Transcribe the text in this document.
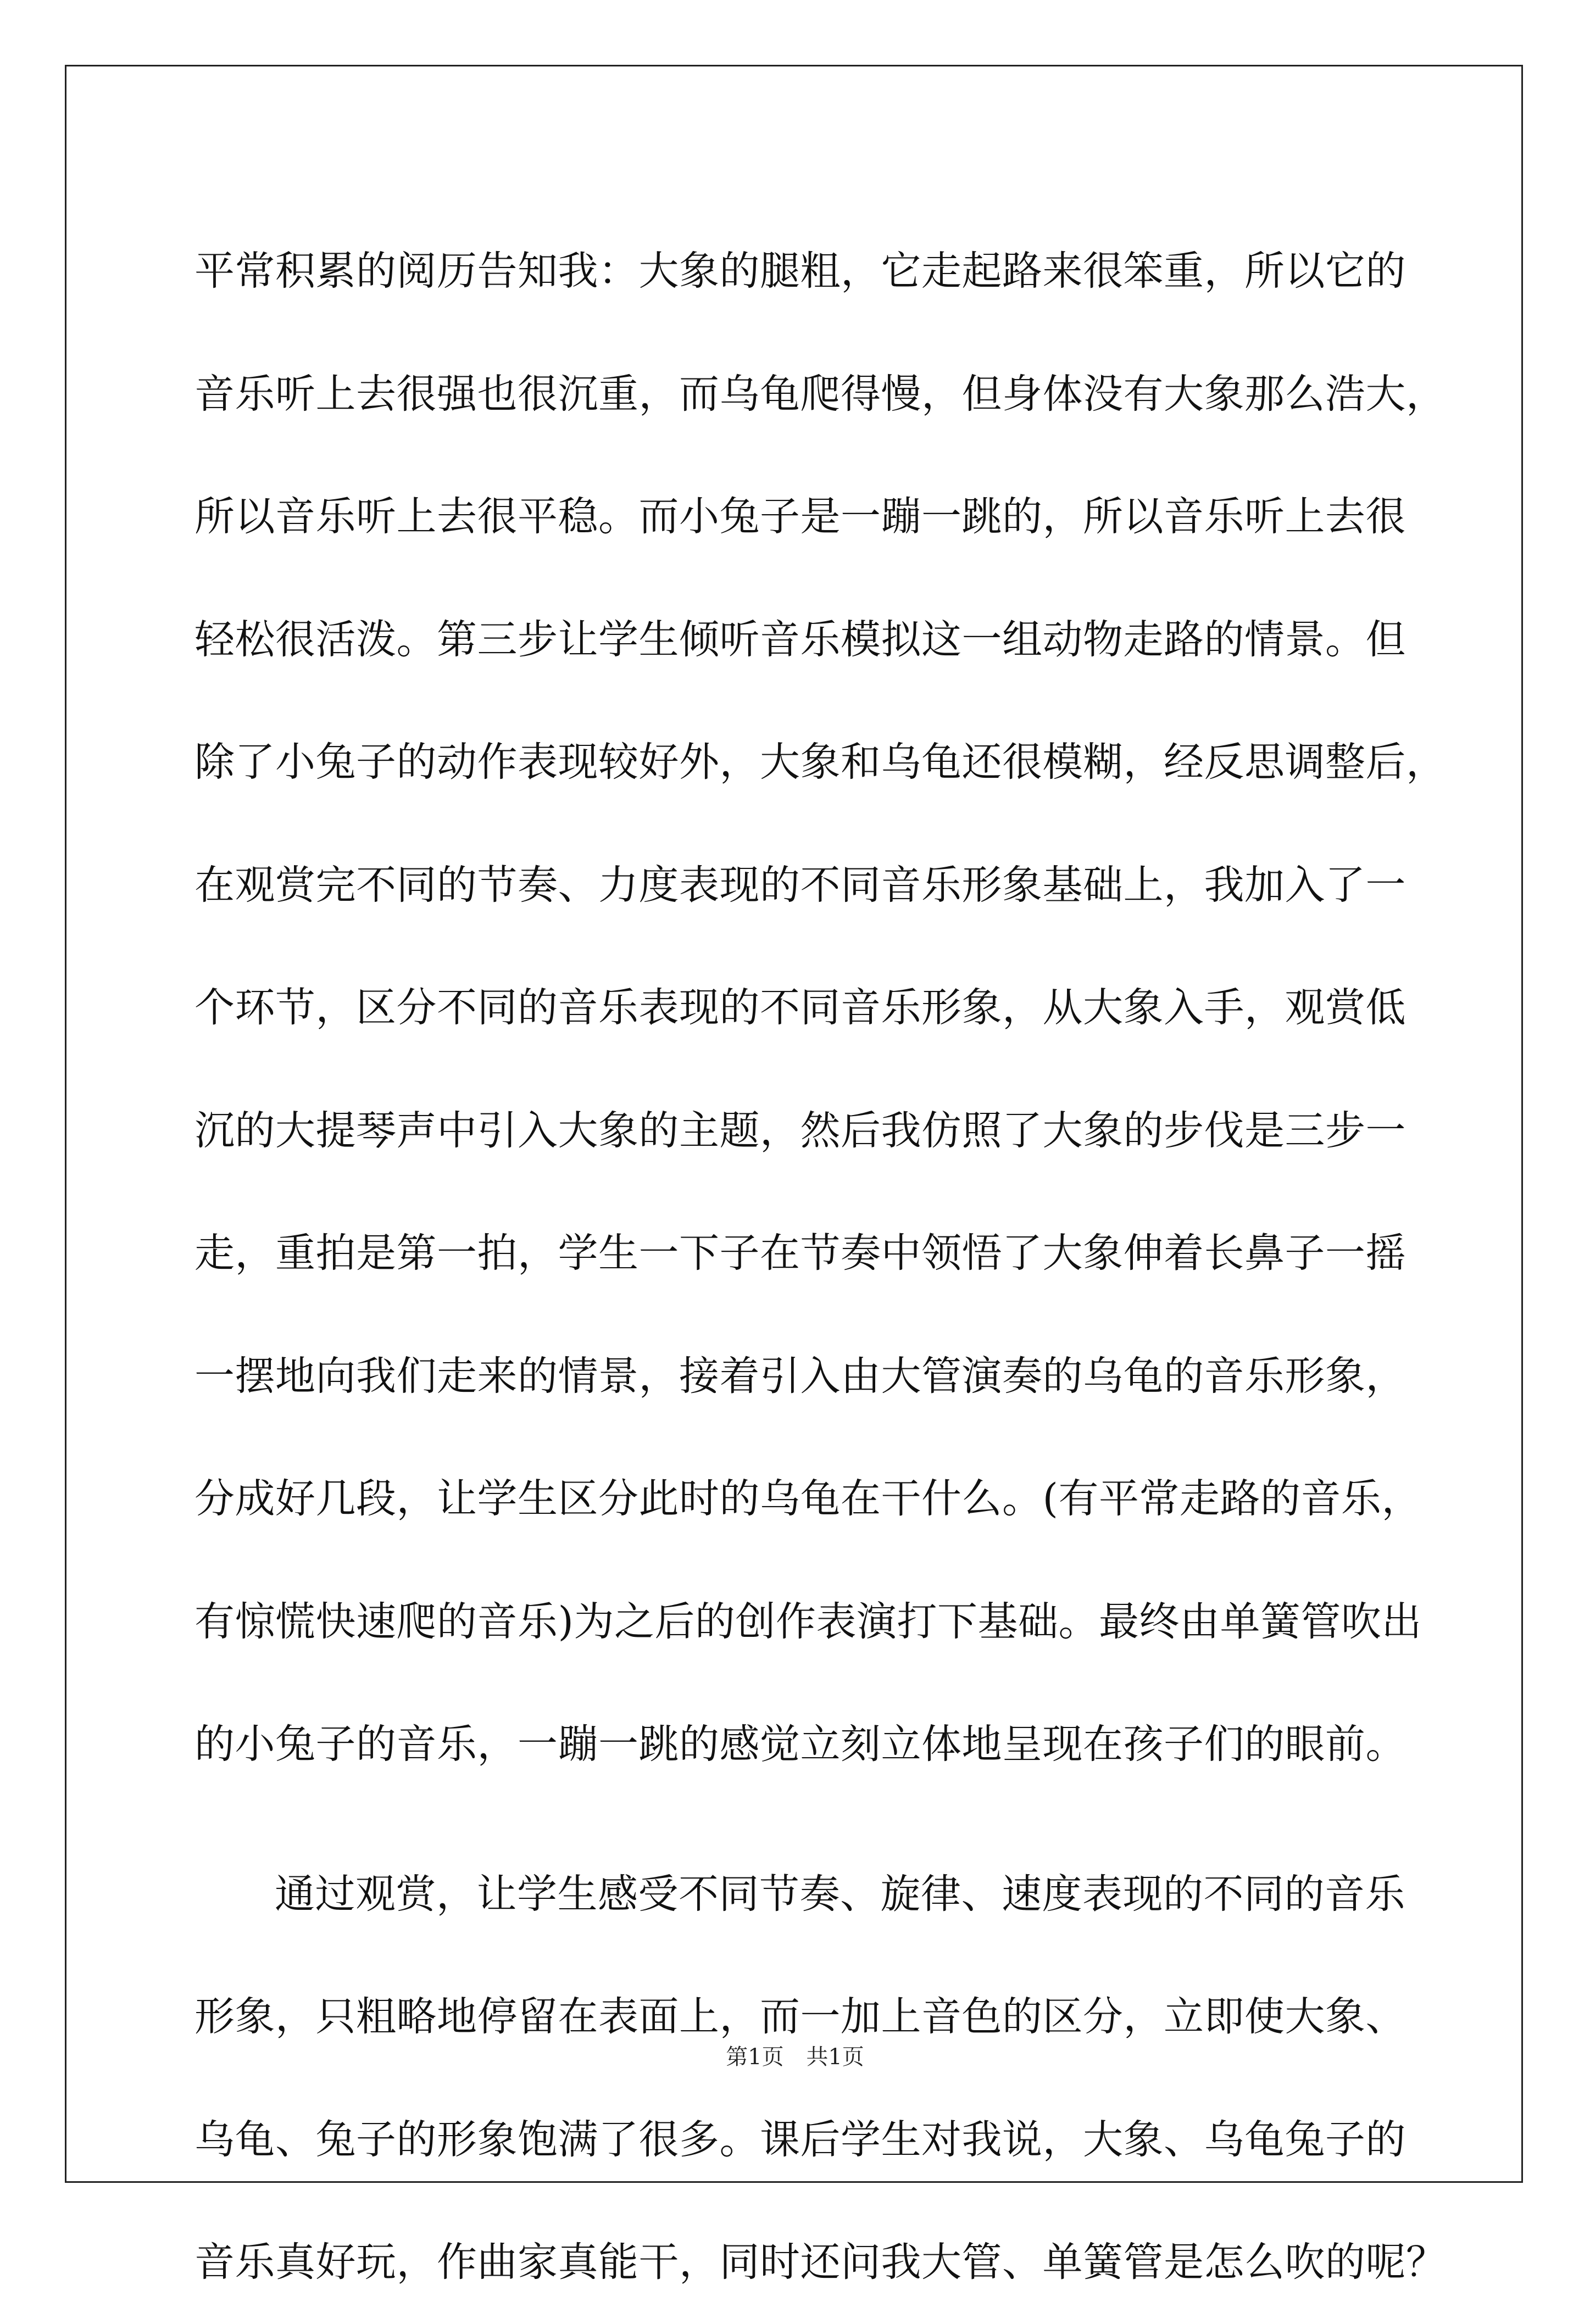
平常积累的阅历告知我：大象的腿粗，它走起路来很笨重，所以它的
音乐听上去很强也很沉重，而乌龟爬得慢，但身体没有大象那么浩大，
所以音乐听上去很平稳。而小兔子是一蹦一跳的，所以音乐听上去很
轻松很活泼。第三步让学生倾听音乐模拟这一组动物走路的情景。但
除了小兔子的动作表现较好外，大象和乌龟还很模糊，经反思调整后，
在观赏完不同的节奏、力度表现的不同音乐形象基础上，我加入了一
个环节，区分不同的音乐表现的不同音乐形象，从大象入手，观赏低
沉的大提琴声中引入大象的主题，然后我仿照了大象的步伐是三步一
走，重拍是第一拍，学生一下子在节奏中领悟了大象伸着长鼻子一摇
一摆地向我们走来的情景，接着引入由大管演奏的乌龟的音乐形象，
分成好几段，让学生区分此时的乌龟在干什么。(有平常走路的音乐，
有惊慌快速爬的音乐)为之后的创作表演打下基础。最终由单簧管吹出
的小兔子的音乐，一蹦一跳的感觉立刻立体地呈现在孩子们的眼前。
通过观赏，让学生感受不同节奏、旋律、速度表现的不同的音乐
形象，只粗略地停留在表面上，而一加上音色的区分，立即使大象、
乌龟、兔子的形象饱满了很多。课后学生对我说，大象、乌龟兔子的
音乐真好玩，作曲家真能干，同时还问我大管、单簧管是怎么吹的呢？
第1页 共1页
